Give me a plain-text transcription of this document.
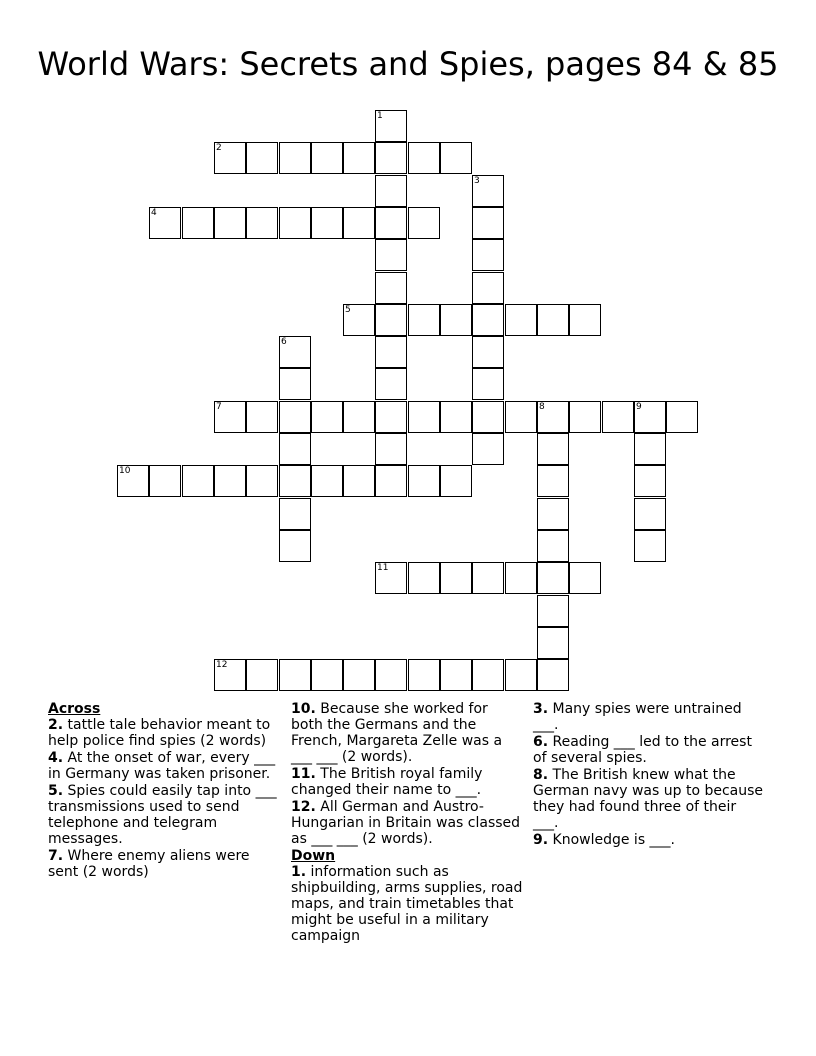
World Wars: Secrets and Spies, pages 84 & 85
2
4
5
7	8	9
10
11
12
1
3
6
Across
2. tattle tale behavior meant to help police find spies (2 words)
4. At the onset of war, every ___ in Germany was taken prisoner.
5. Spies could easily tap into ___ transmissions used to send telephone and telegram messages.
7. Where enemy aliens were sent (2 words)
10. Because she worked for both the Germans and the French, Margareta Zelle was a ___ ___ (2 words).
11. The British royal family changed their name to ___.
12. All German and Austro-Hungarian in Britain was classed as ___ ___ (2 words).
Down
1. information such as shipbuilding, arms supplies, road maps, and train timetables that might be useful in a military campaign
3. Many spies were untrained ___.
6. Reading ___ led to the arrest of several spies.
8. The British knew what the German navy was up to because they had found three of their ___.
9. Knowledge is ___.
